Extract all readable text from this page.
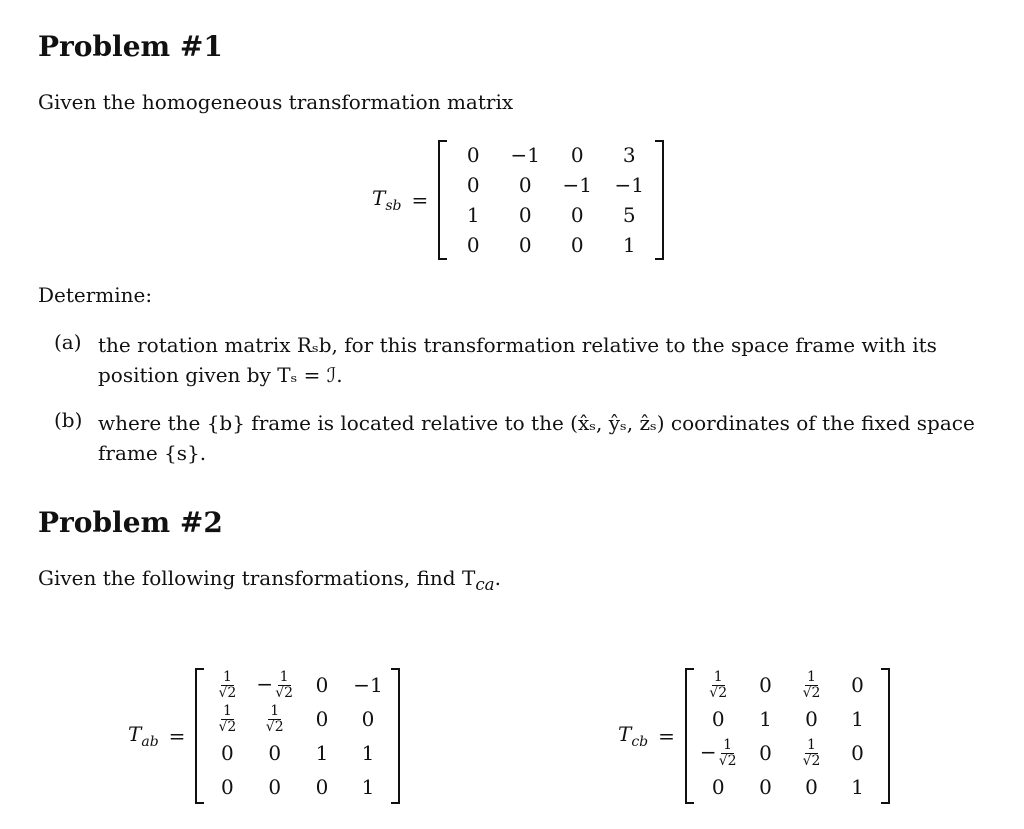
Problem #1

Given the homogeneous transformation matrix

$T_{sb}$ =
0	−1	0	3
0	0	−1	−1
1	0	0	5
0	0	0	1

Determine:

(a) the rotation matrix Rₛb, for this transformation relative to the space frame with its

position given by Tₛ = ℐ.

(b) where the {b} frame is located relative to the (x̂ₛ, ŷₛ, ẑₛ) coordinates of the fixed space

frame {s}.

Problem #2

Given the following transformations, find $T_{ca}$.

$T_{ab}$ =
$\frac{1}{√2}$	− $\frac{1}{√2}$	0	−1

$\frac{1}{√2}$	$\frac{1}{√2}$	0	0
0	0	1	1
0	0	0	1
$T_{cb}$ =
$\frac{1}{√2}$	0	$\frac{1}{√2}$	0
0	1	0	1
− $\frac{1}{√2}$	0	$\frac{1}{√2}$	0
0	0	0	1
